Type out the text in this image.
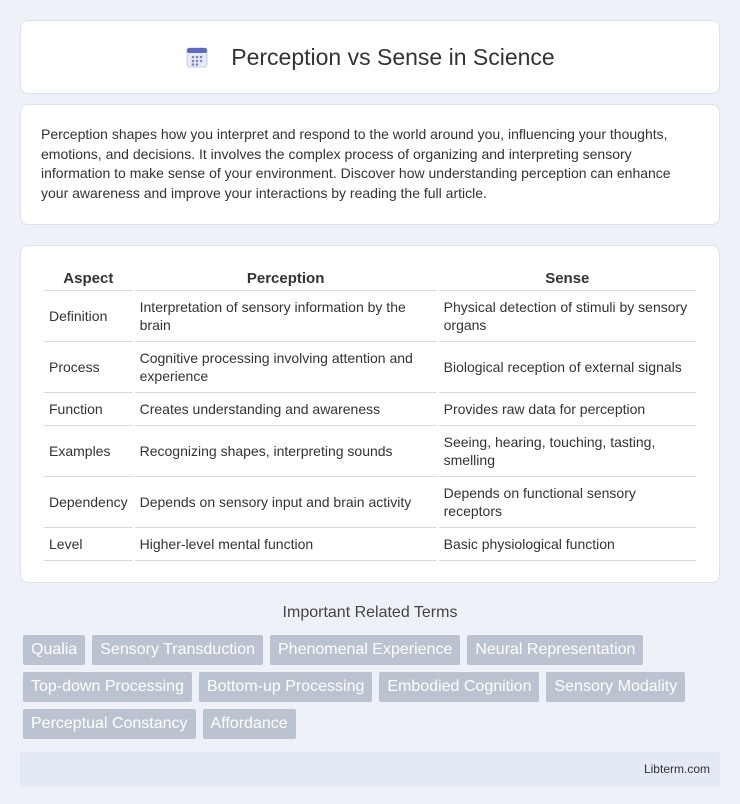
Perception vs Sense in Science
Perception shapes how you interpret and respond to the world around you, influencing your thoughts, emotions, and decisions. It involves the complex process of organizing and interpreting sensory information to make sense of your environment. Discover how understanding perception can enhance your awareness and improve your interactions by reading the full article.
Aspect	Perception	Sense
Definition	Interpretation of sensory information by the brain	Physical detection of stimuli by sensory organs
Process	Cognitive processing involving attention and experience	Biological reception of external signals
Function	Creates understanding and awareness	Provides raw data for perception
Examples	Recognizing shapes, interpreting sounds	Seeing, hearing, touching, tasting, smelling
Dependency	Depends on sensory input and brain activity	Depends on functional sensory receptors
Level	Higher-level mental function	Basic physiological function
Important Related Terms
Qualia	Sensory Transduction	Phenomenal Experience	Neural Representation
Top-down Processing	Bottom-up Processing	Embodied Cognition	Sensory Modality
Perceptual Constancy	Affordance
Libterm.com
